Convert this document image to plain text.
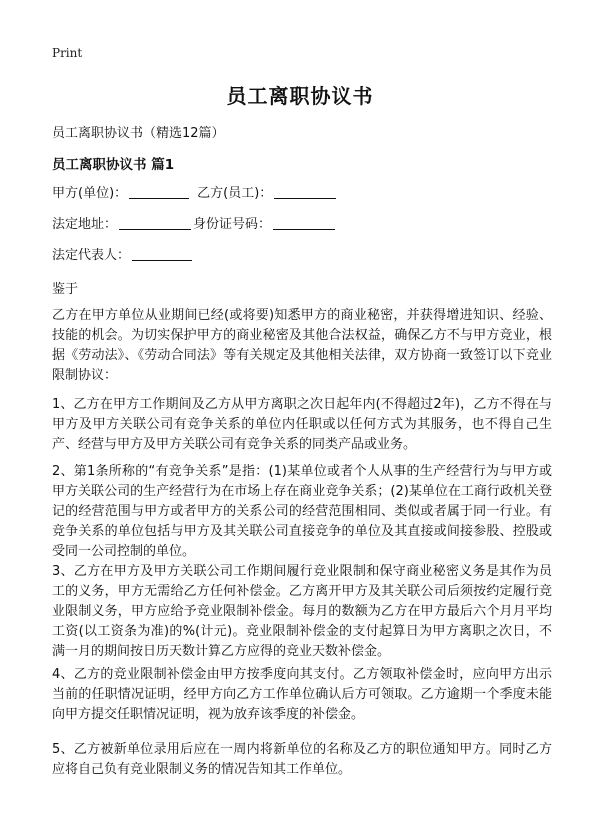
Print
员工离职协议书
员工离职协议书（精选12篇）
员工离职协议书 篇1
甲方(单位)：	乙方(员工)：
法定地址：	身份证号码：
法定代表人：
鉴于
乙方在甲方单位从业期间已经(或将要)知悉甲方的商业秘密，并获得增进知识、经验、技能的机会。为切实保护甲方的商业秘密及其他合法权益，确保乙方不与甲方竞业，根据《劳动法》、《劳动合同法》等有关规定及其他相关法律，双方协商一致签订以下竞业限制协议：
1、乙方在甲方工作期间及乙方从甲方离职之次日起年内(不得超过2年)，乙方不得在与甲方及甲方关联公司有竞争关系的单位内任职或以任何方式为其服务，也不得自己生产、经营与甲方及甲方关联公司有竞争关系的同类产品或业务。
2、第1条所称的“有竞争关系”是指：(1)某单位或者个人从事的生产经营行为与甲方或甲方关联公司的生产经营行为在市场上存在商业竞争关系；(2)某单位在工商行政机关登记的经营范围与甲方或者甲方的关系公司的经营范围相同、类似或者属于同一行业。有竞争关系的单位包括与甲方及其关联公司直接竞争的单位及其直接或间接参股、控股或受同一公司控制的单位。
3、乙方在甲方及甲方关联公司工作期间履行竞业限制和保守商业秘密义务是其作为员工的义务，甲方无需给乙方任何补偿金。乙方离开甲方及其关联公司后须按约定履行竞业限制义务，甲方应给予竞业限制补偿金。每月的数额为乙方在甲方最后六个月月平均工资(以工资条为准)的%(计元)。竞业限制补偿金的支付起算日为甲方离职之次日，不满一月的期间按日历天数计算乙方应得的竞业天数补偿金。
4、乙方的竞业限制补偿金由甲方按季度向其支付。乙方领取补偿金时，应向甲方出示当前的任职情况证明，经甲方向乙方工作单位确认后方可领取。乙方逾期一个季度未能向甲方提交任职情况证明，视为放弃该季度的补偿金。
5、乙方被新单位录用后应在一周内将新单位的名称及乙方的职位通知甲方。同时乙方应将自己负有竞业限制义务的情况告知其工作单位。
